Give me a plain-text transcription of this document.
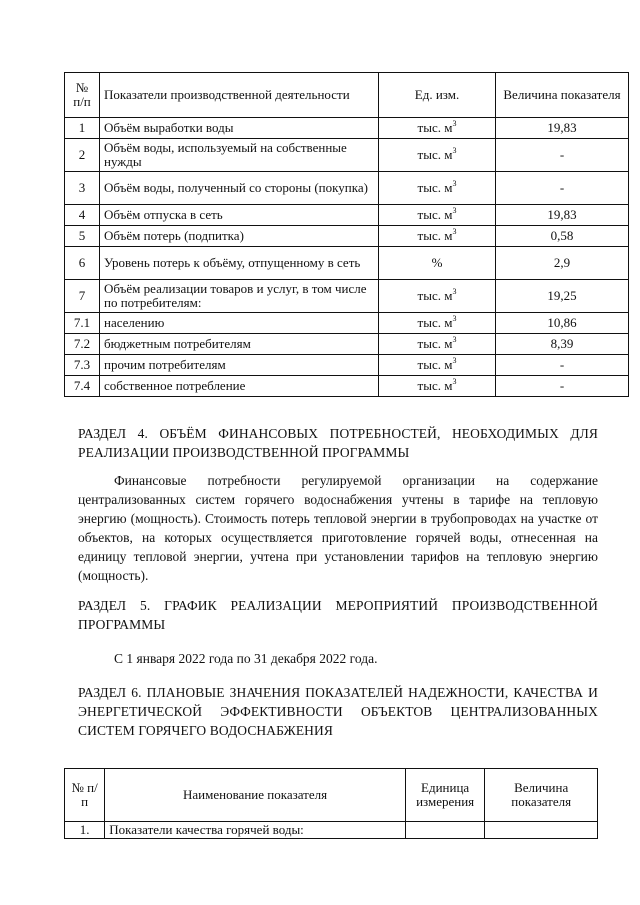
№ п/п	Показатели производственной деятельности	Ед. изм.	Величина показателя
1	Объём выработки воды	тыс. $м^3$	19,83
2	Объём воды, используемый на собственные нужды	тыс. $м^3$	-
3	Объём воды, полученный со стороны (покупка)	тыс. $м^3$	-
4	Объём отпуска в сеть	тыс. $м^3$	19,83
5	Объём потерь (подпитка)	тыс. $м^3$	0,58
6	Уровень потерь к объёму, отпущенному в сеть	%	2,9
7	Объём реализации товаров и услуг, в том числе по потребителям:	тыс. $м^3$	19,25
7.1	населению	тыс. $м^3$	10,86
7.2	бюджетным потребителям	тыс. $м^3$	8,39
7.3	прочим потребителям	тыс. $м^3$	-
7.4	собственное потребление	тыс. $м^3$	-
РАЗДЕЛ 4. ОБЪЁМ ФИНАНСОВЫХ ПОТРЕБНОСТЕЙ, НЕОБХОДИМЫХ ДЛЯ РЕАЛИЗАЦИИ ПРОИЗВОДСТВЕННОЙ ПРОГРАММЫ
Финансовые потребности регулируемой организации на содержание централизованных систем горячего водоснабжения учтены в тарифе на тепловую энергию (мощность). Стоимость потерь тепловой энергии в трубопроводах на участке от объектов, на которых осуществляется приготовление горячей воды, отнесенная на единицу тепловой энергии, учтена при установлении тарифов на тепловую энергию (мощность).
РАЗДЕЛ 5. ГРАФИК РЕАЛИЗАЦИИ МЕРОПРИЯТИЙ ПРОИЗВОДСТВЕННОЙ ПРОГРАММЫ
С 1 января 2022 года по 31 декабря 2022 года.
РАЗДЕЛ 6. ПЛАНОВЫЕ ЗНАЧЕНИЯ ПОКАЗАТЕЛЕЙ НАДЕЖНОСТИ, КАЧЕСТВА И ЭНЕРГЕТИЧЕСКОЙ ЭФФЕКТИВНОСТИ ОБЪЕКТОВ ЦЕНТРАЛИЗОВАННЫХ СИСТЕМ ГОРЯЧЕГО ВОДОСНАБЖЕНИЯ
№ п/п	Наименование показателя	Единица измерения	Величина показателя
1.	Показатели качества горячей воды:		
